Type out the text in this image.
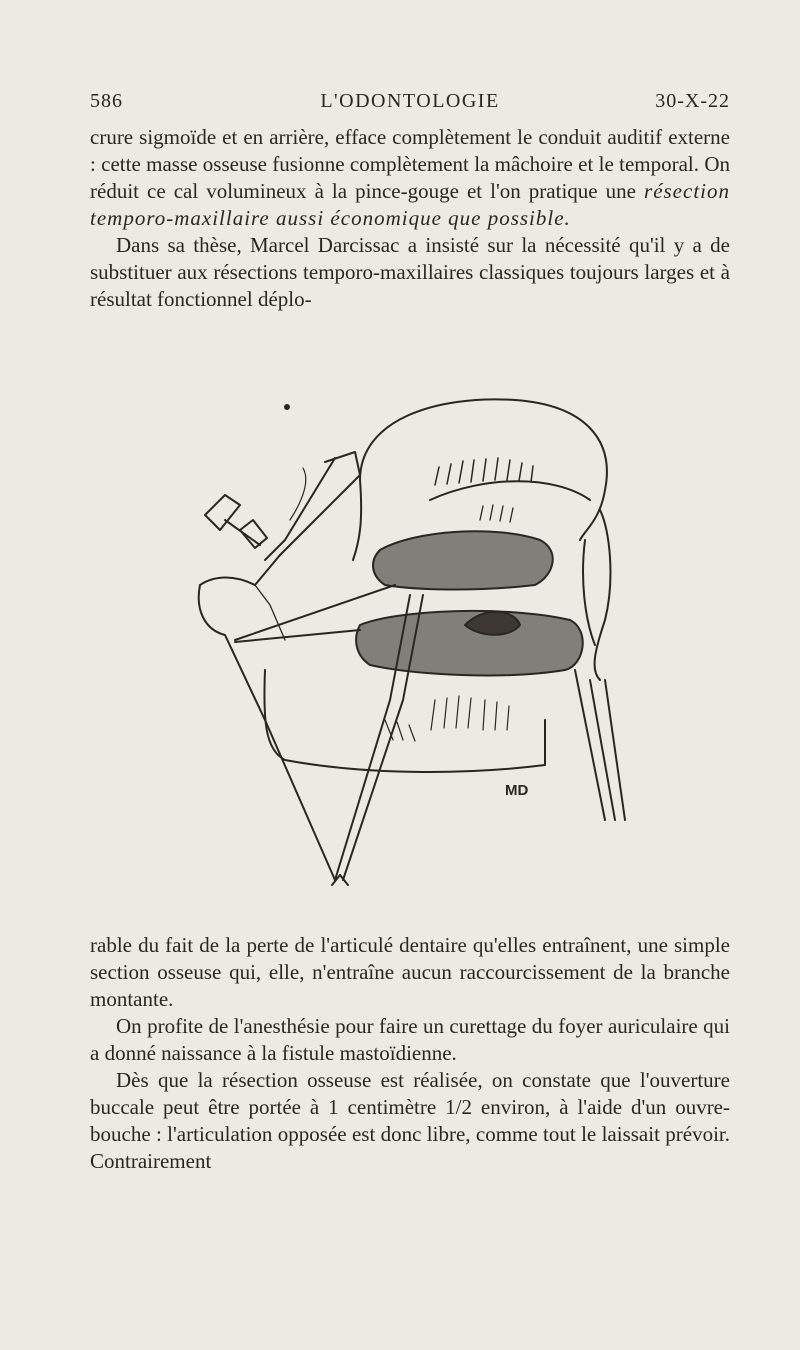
586	L'ODONTOLOGIE	30-X-22

crure sigmoïde et en arrière, efface complètement le conduit auditif externe : cette masse osseuse fusionne complètement la mâchoire et le temporal. On réduit ce cal volumineux à la pince-gouge et l'on pratique une résection temporo-maxillaire aussi économique que possible.

Dans sa thèse, Marcel Darcissac a insisté sur la nécessité qu'il y a de substituer aux résections temporo-maxillaires classiques toujours larges et à résultat fonctionnel déplo-

MD

rable du fait de la perte de l'articulé dentaire qu'elles entraînent, une simple section osseuse qui, elle, n'entraîne aucun raccourcissement de la branche montante.

On profite de l'anesthésie pour faire un curettage du foyer auriculaire qui a donné naissance à la fistule mastoïdienne.

Dès que la résection osseuse est réalisée, on constate que l'ouverture buccale peut être portée à 1 centimètre 1/2 environ, à l'aide d'un ouvre-bouche : l'articulation opposée est donc libre, comme tout le laissait prévoir. Contrairement
